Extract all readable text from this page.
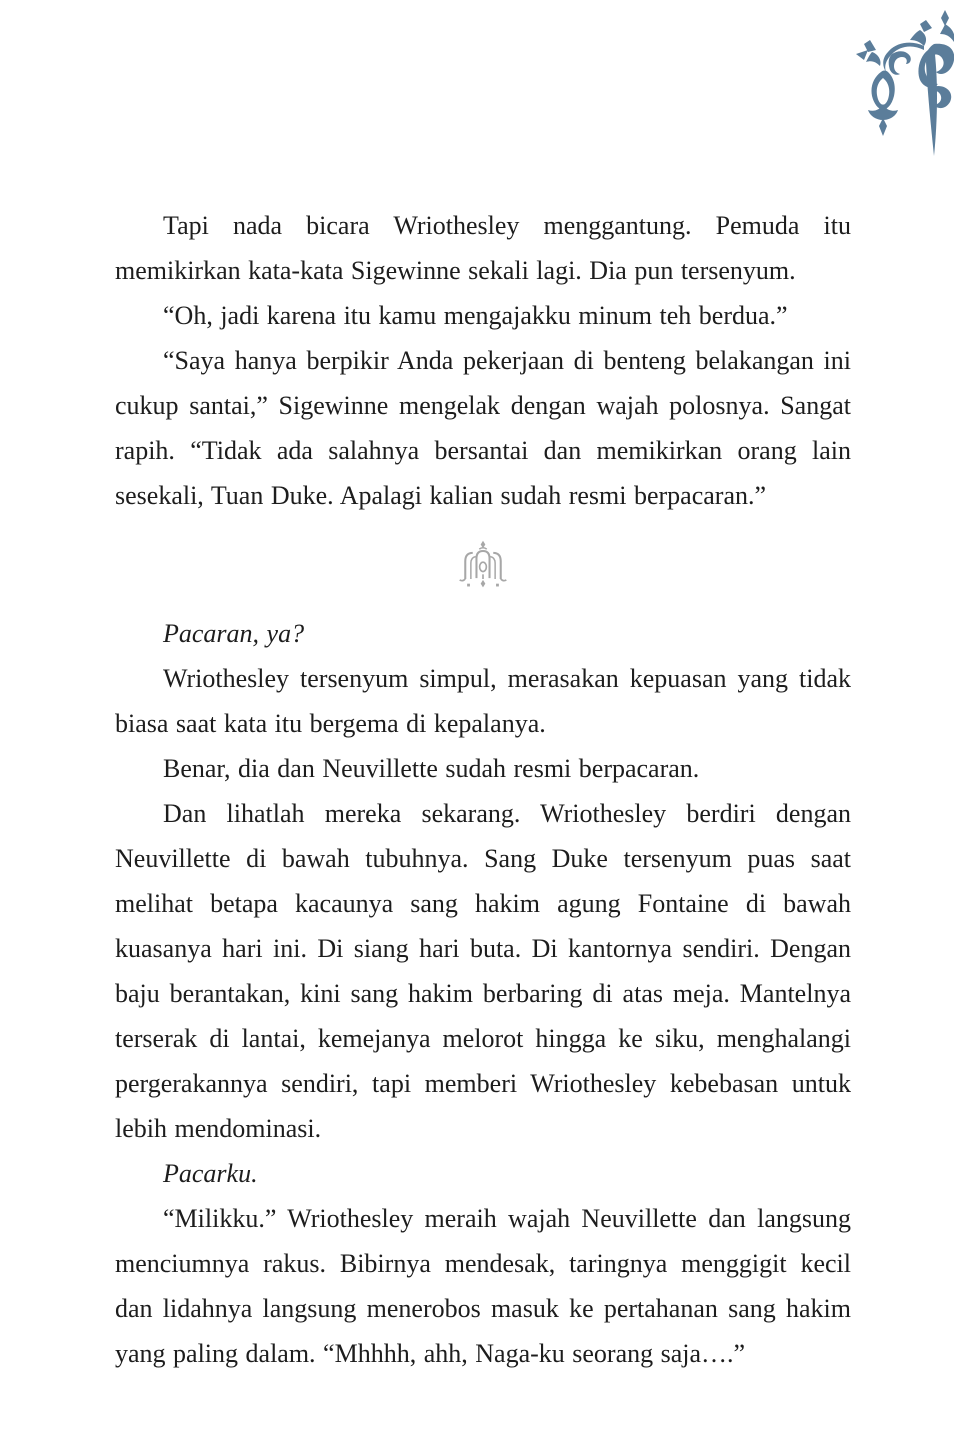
Tapi nada bicara Wriothesley menggantung. Pemuda itu memikirkan kata-kata Sigewinne sekali lagi. Dia pun tersenyum.

“Oh, jadi karena itu kamu mengajakku minum teh berdua.”

“Saya hanya berpikir Anda pekerjaan di benteng belakangan ini cukup santai,” Sigewinne mengelak dengan wajah polosnya. Sangat rapih. “Tidak ada salahnya bersantai dan memikirkan orang lain sesekali, Tuan Duke. Apalagi kalian sudah resmi berpacaran.”

Pacaran, ya?

Wriothesley tersenyum simpul, merasakan kepuasan yang tidak biasa saat kata itu bergema di kepalanya.

Benar, dia dan Neuvillette sudah resmi berpacaran.

Dan lihatlah mereka sekarang. Wriothesley berdiri dengan Neuvillette di bawah tubuhnya. Sang Duke tersenyum puas saat melihat betapa kacaunya sang hakim agung Fontaine di bawah kuasanya hari ini. Di siang hari buta. Di kantornya sendiri. Dengan baju berantakan, kini sang hakim berbaring di atas meja. Mantelnya terserak di lantai, kemejanya melorot hingga ke siku, menghalangi pergerakannya sendiri, tapi memberi Wriothesley kebebasan untuk lebih mendominasi.

Pacarku.

“Milikku.” Wriothesley meraih wajah Neuvillette dan langsung menciumnya rakus. Bibirnya mendesak, taringnya menggigit kecil dan lidahnya langsung menerobos masuk ke pertahanan sang hakim yang paling dalam. “Mhhhh, ahh, Naga-ku seorang saja….”
